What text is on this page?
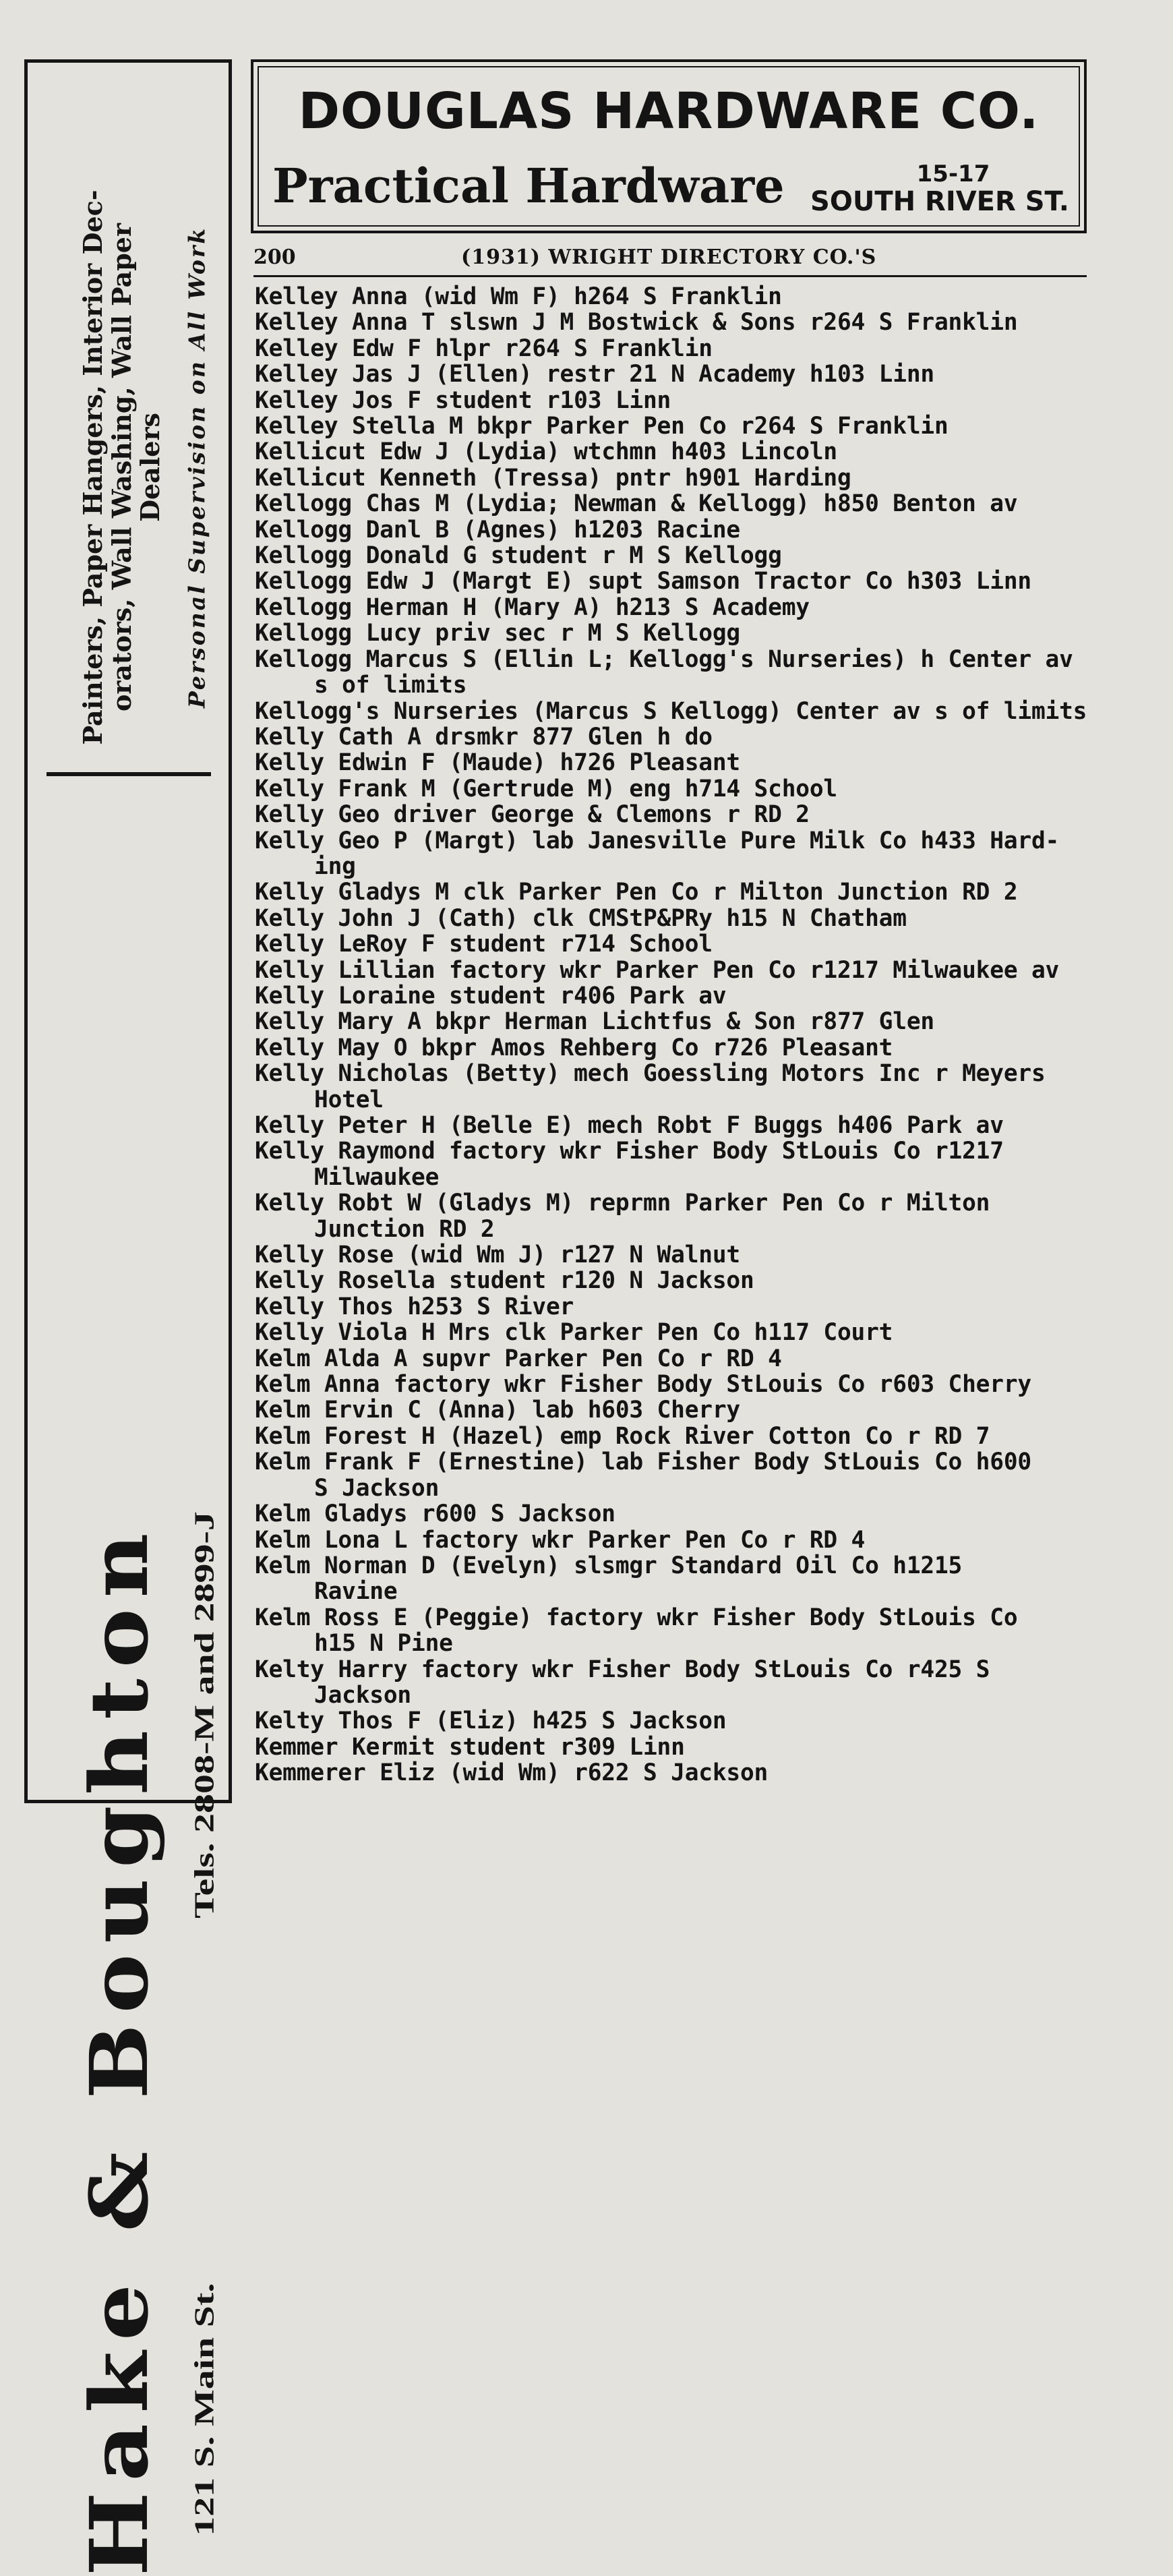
Painters, Paper Hangers, Interior Dec-
orators, Wall Washing, Wall Paper
Dealers Personal Supervision on All Work
Hake & Boughton Tels. 2808-M and 2899-J
121 S. Main St.
DOUGLAS HARDWARE CO.
Practical Hardware	15-17
SOUTH RIVER ST.
200	(1931) WRIGHT DIRECTORY CO.'S
Kelley Anna (wid Wm F) h264 S Franklin
Kelley Anna T slswn J M Bostwick & Sons r264 S Franklin
Kelley Edw F hlpr r264 S Franklin
Kelley Jas J (Ellen) restr 21 N Academy h103 Linn
Kelley Jos F student r103 Linn
Kelley Stella M bkpr Parker Pen Co r264 S Franklin
Kellicut Edw J (Lydia) wtchmn h403 Lincoln
Kellicut Kenneth (Tressa) pntr h901 Harding
Kellogg Chas M (Lydia; Newman & Kellogg) h850 Benton av
Kellogg Danl B (Agnes) h1203 Racine
Kellogg Donald G student r M S Kellogg
Kellogg Edw J (Margt E) supt Samson Tractor Co h303 Linn
Kellogg Herman H (Mary A) h213 S Academy
Kellogg Lucy priv sec r M S Kellogg
Kellogg Marcus S (Ellin L; Kellogg's Nurseries) h Center av
s of limits
Kellogg's Nurseries (Marcus S Kellogg) Center av s of limits
Kelly Cath A drsmkr 877 Glen h do
Kelly Edwin F (Maude) h726 Pleasant
Kelly Frank M (Gertrude M) eng h714 School
Kelly Geo driver George & Clemons r RD 2
Kelly Geo P (Margt) lab Janesville Pure Milk Co h433 Hard-
ing
Kelly Gladys M clk Parker Pen Co r Milton Junction RD 2
Kelly John J (Cath) clk CMStP&PRy h15 N Chatham
Kelly LeRoy F student r714 School
Kelly Lillian factory wkr Parker Pen Co r1217 Milwaukee av
Kelly Loraine student r406 Park av
Kelly Mary A bkpr Herman Lichtfus & Son r877 Glen
Kelly May O bkpr Amos Rehberg Co r726 Pleasant
Kelly Nicholas (Betty) mech Goessling Motors Inc r Meyers
Hotel
Kelly Peter H (Belle E) mech Robt F Buggs h406 Park av
Kelly Raymond factory wkr Fisher Body StLouis Co r1217
Milwaukee
Kelly Robt W (Gladys M) reprmn Parker Pen Co r Milton
Junction RD 2
Kelly Rose (wid Wm J) r127 N Walnut
Kelly Rosella student r120 N Jackson
Kelly Thos h253 S River
Kelly Viola H Mrs clk Parker Pen Co h117 Court
Kelm Alda A supvr Parker Pen Co r RD 4
Kelm Anna factory wkr Fisher Body StLouis Co r603 Cherry
Kelm Ervin C (Anna) lab h603 Cherry
Kelm Forest H (Hazel) emp Rock River Cotton Co r RD 7
Kelm Frank F (Ernestine) lab Fisher Body StLouis Co h600
S Jackson
Kelm Gladys r600 S Jackson
Kelm Lona L factory wkr Parker Pen Co r RD 4
Kelm Norman D (Evelyn) slsmgr Standard Oil Co h1215
Ravine
Kelm Ross E (Peggie) factory wkr Fisher Body StLouis Co
h15 N Pine
Kelty Harry factory wkr Fisher Body StLouis Co r425 S
Jackson
Kelty Thos F (Eliz) h425 S Jackson
Kemmer Kermit student r309 Linn
Kemmerer Eliz (wid Wm) r622 S Jackson
